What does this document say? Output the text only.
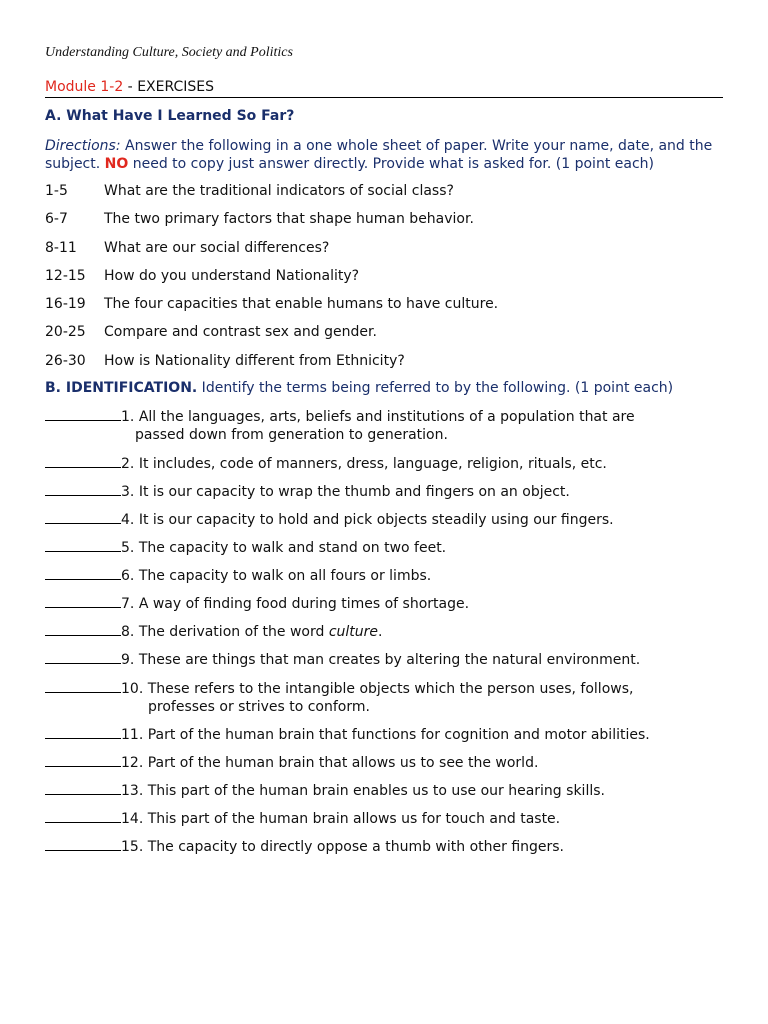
Understanding Culture, Society and Politics
Module 1-2 - EXERCISES
A. What Have I Learned So Far?
Directions: Answer the following in a one whole sheet of paper. Write your name, date, and the subject. NO need to copy just answer directly. Provide what is asked for. (1 point each)
1-5	What are the traditional indicators of social class?
6-7	The two primary factors that shape human behavior.
8-11	What are our social differences?
12-15	How do you understand Nationality?
16-19	The four capacities that enable humans to have culture.
20-25	Compare and contrast sex and gender.
26-30	How is Nationality different from Ethnicity?
B. IDENTIFICATION. Identify the terms being referred to by the following. (1 point each)
1. All the languages, arts, beliefs and institutions of a population that are
passed down from generation to generation.
2. It includes, code of manners, dress, language, religion, rituals, etc.
3. It is our capacity to wrap the thumb and fingers on an object.
4. It is our capacity to hold and pick objects steadily using our fingers.
5. The capacity to walk and stand on two feet.
6. The capacity to walk on all fours or limbs.
7. A way of finding food during times of shortage.
8. The derivation of the word culture.
9. These are things that man creates by altering the natural environment.
10. These refers to the intangible objects which the person uses, follows,
professes or strives to conform.
11. Part of the human brain that functions for cognition and motor abilities.
12. Part of the human brain that allows us to see the world.
13. This part of the human brain enables us to use our hearing skills.
14. This part of the human brain allows us for touch and taste.
15. The capacity to directly oppose a thumb with other fingers.
